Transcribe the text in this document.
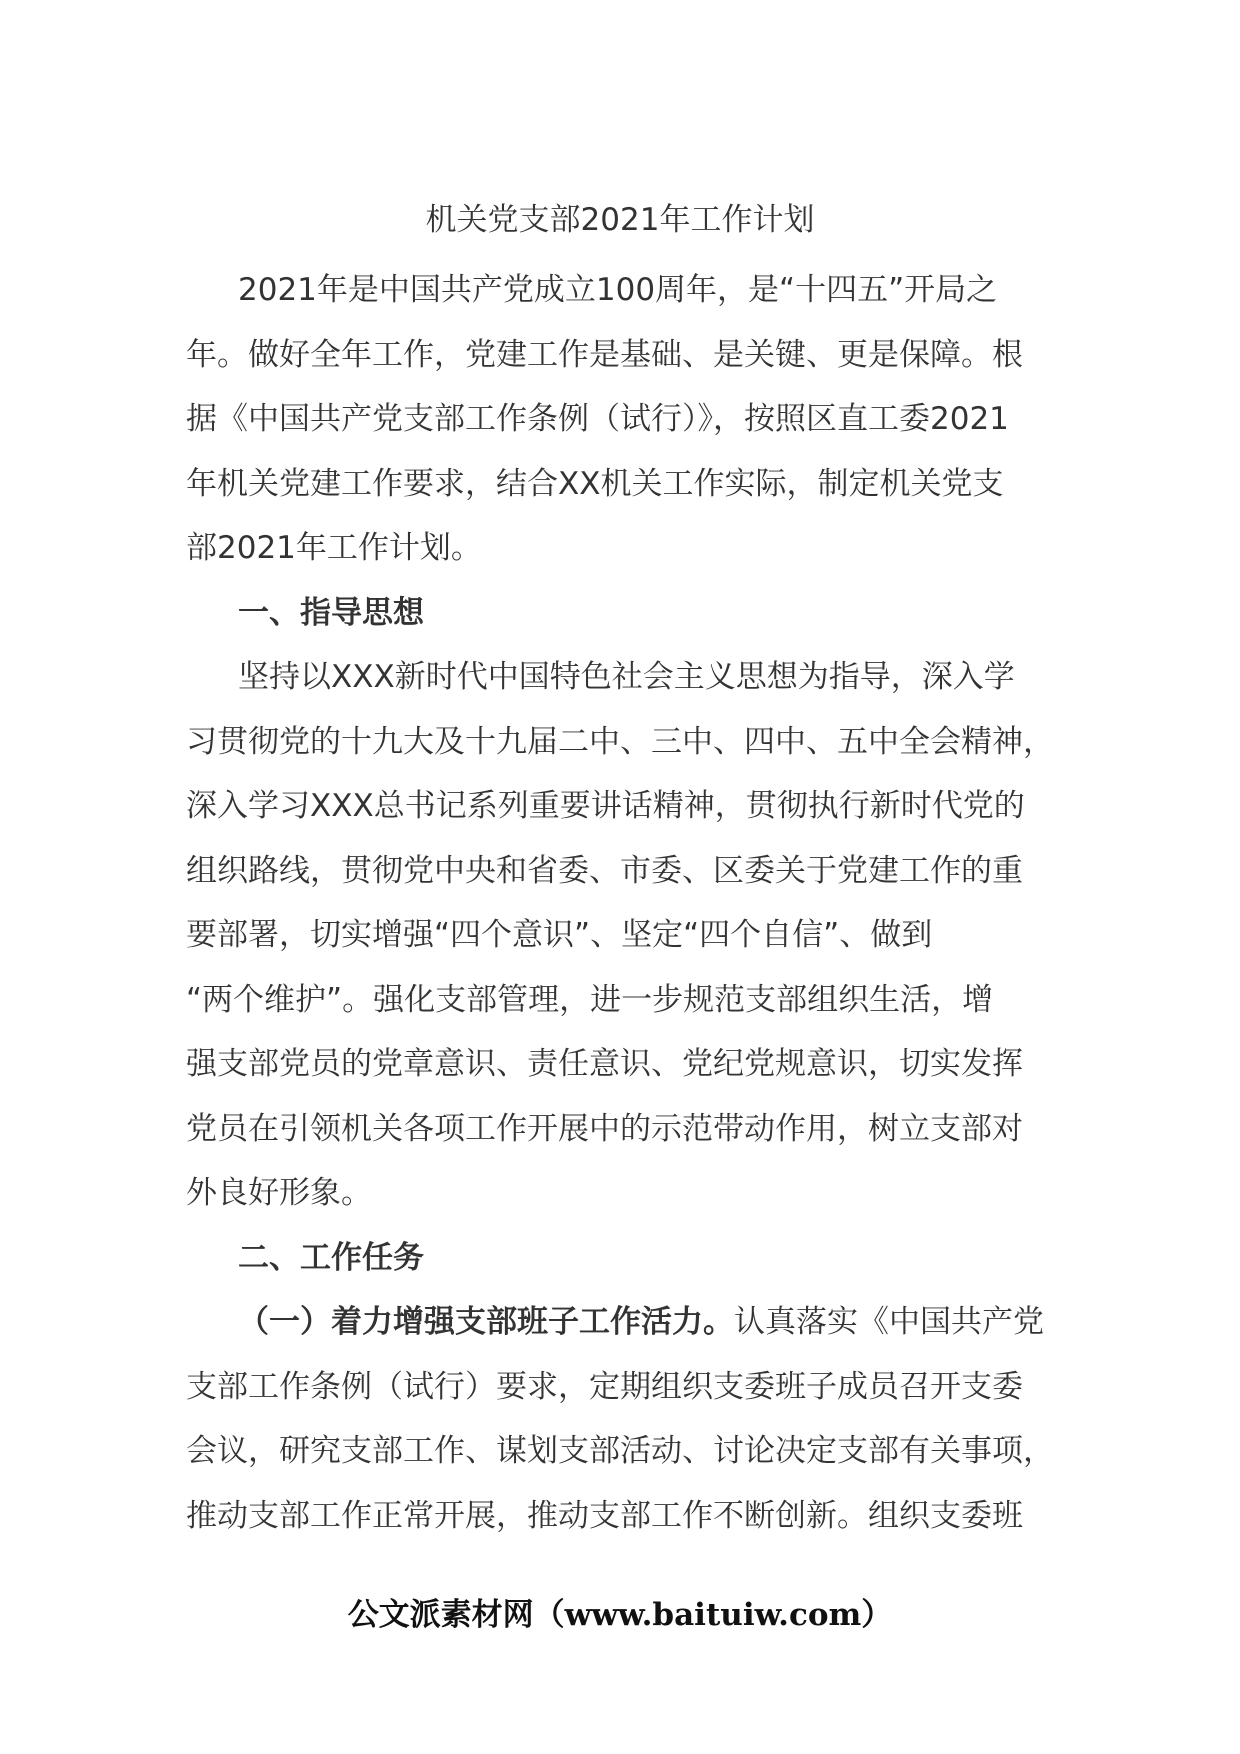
机关党支部2021年工作计划
2021年是中国共产党成立100周年，是“十四五”开局之
年。做好全年工作，党建工作是基础、是关键、更是保障。根
据《中国共产党支部工作条例（试行）》，按照区直工委2021
年机关党建工作要求，结合XX机关工作实际，制定机关党支
部2021年工作计划。
一、指导思想
坚持以XXX新时代中国特色社会主义思想为指导，深入学
习贯彻党的十九大及十九届二中、三中、四中、五中全会精神，
深入学习XXX总书记系列重要讲话精神，贯彻执行新时代党的
组织路线，贯彻党中央和省委、市委、区委关于党建工作的重
要部署，切实增强“四个意识”、坚定“四个自信”、做到
“两个维护”。强化支部管理，进一步规范支部组织生活，增
强支部党员的党章意识、责任意识、党纪党规意识，切实发挥
党员在引领机关各项工作开展中的示范带动作用，树立支部对
外良好形象。
二、工作任务
（一）着力增强支部班子工作活力。认真落实《中国共产党
支部工作条例（试行）要求，定期组织支委班子成员召开支委
会议，研究支部工作、谋划支部活动、讨论决定支部有关事项，
推动支部工作正常开展，推动支部工作不断创新。组织支委班
公文派素材网（www.baituiw.com）
